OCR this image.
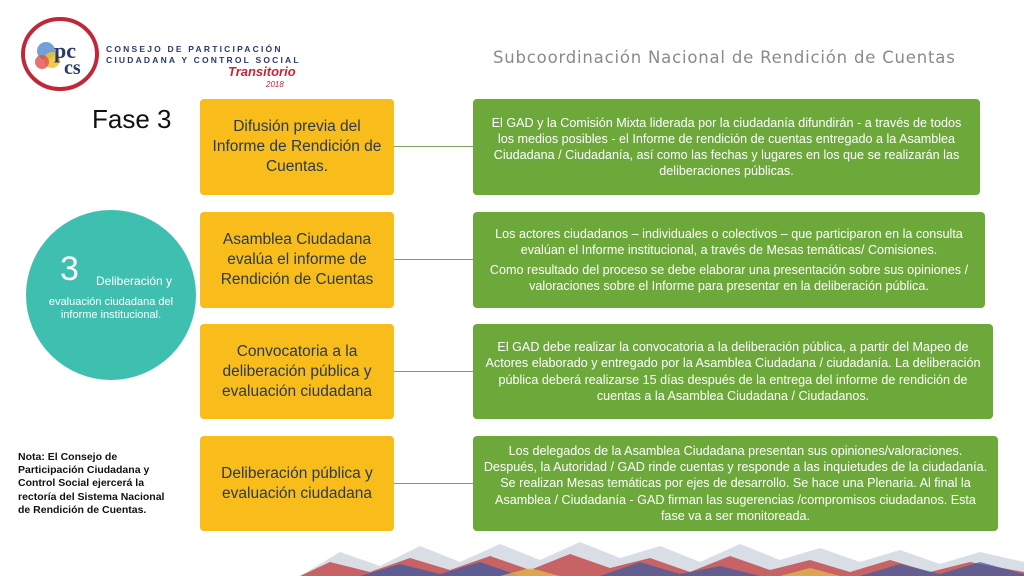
pc
cs
CONSEJO DE PARTICIPACIÓN
CIUDADANA Y CONTROL SOCIAL
Transitorio
2018
Subcoordinación Nacional de Rendición de Cuentas
Fase 3
3 Deliberación y
evaluación ciudadana del informe institucional.
Nota: El Consejo de Participación Ciudadana y Control Social ejercerá la rectoría del Sistema Nacional de Rendición de Cuentas.
Difusión previa del Informe de Rendición de Cuentas.

El GAD y la Comisión Mixta liderada por la ciudadanía difundirán - a través de todos los medios posibles - el Informe de rendición de cuentas entregado a la Asamblea Ciudadana / Ciudadanía, así como las fechas y lugares en los que se realizarán las deliberaciones públicas.

Asamblea Ciudadana evalúa el informe de Rendición de Cuentas

Los actores ciudadanos – individuales o colectivos – que participaron en la consulta evalúan el Informe institucional, a través de Mesas temáticas/ Comisiones.

Como resultado del proceso se debe elaborar una presentación sobre sus opiniones / valoraciones sobre el Informe para presentar en la deliberación pública.

Convocatoria a la deliberación pública y evaluación ciudadana

El GAD debe realizar la convocatoria a la deliberación pública, a partir del Mapeo de Actores elaborado y entregado por la Asamblea Ciudadana / ciudadanía. La deliberación pública deberá realizarse 15 días después de la entrega del informe de rendición de cuentas a la Asamblea Ciudadana / Ciudadanos.

Deliberación pública y evaluación ciudadana

Los delegados de la Asamblea Ciudadana presentan sus opiniones/valoraciones. Después, la Autoridad / GAD rinde cuentas y responde a las inquietudes de la ciudadanía. Se realizan Mesas temáticas por ejes de desarrollo. Se hace una Plenaria. Al final la Asamblea / Ciudadanía - GAD firman las sugerencias /compromisos ciudadanos. Esta fase va a ser monitoreada.
